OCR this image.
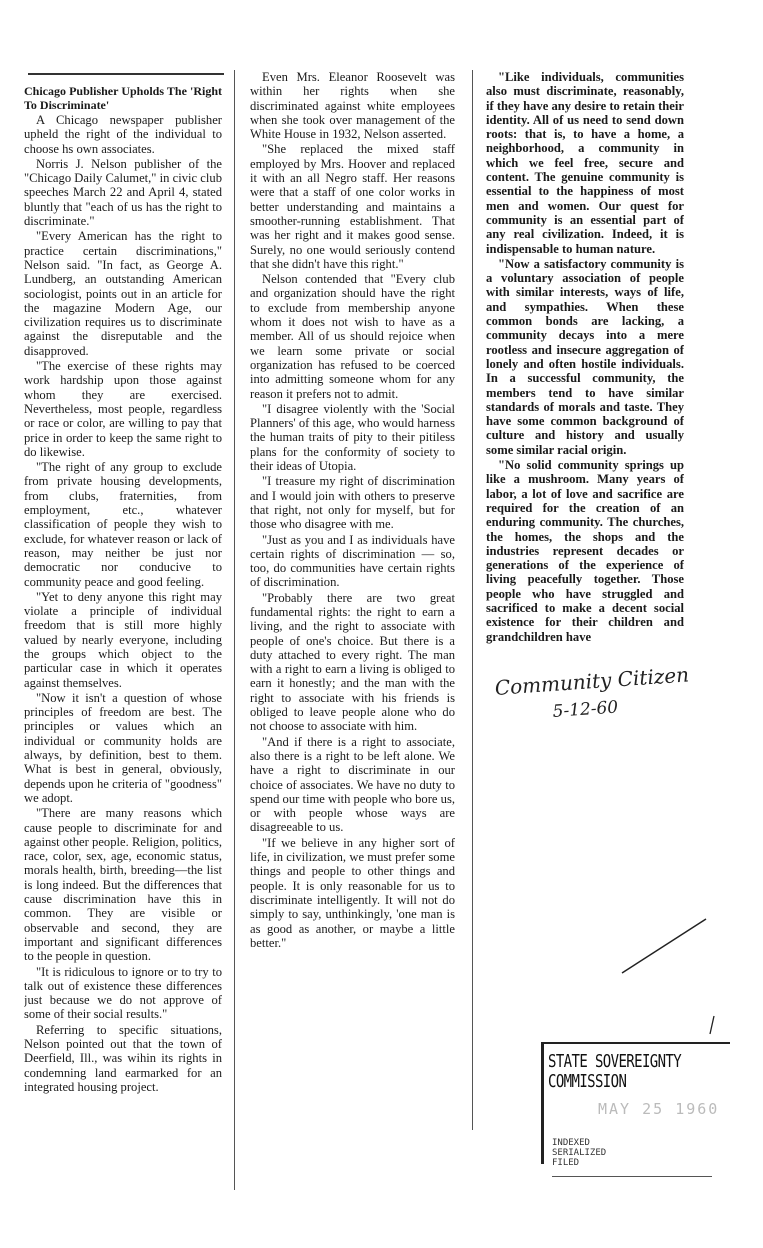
Chicago Publisher Upholds The 'Right To Discriminate'

A Chicago newspaper publisher upheld the right of the individual to choose hs own associates.

Norris J. Nelson publisher of the "Chicago Daily Calumet," in civic club speeches March 22 and April 4, stated bluntly that "each of us has the right to discriminate."

"Every American has the right to practice certain discriminations," Nelson said. "In fact, as George A. Lundberg, an outstanding American sociologist, points out in an article for the magazine Modern Age, our civilization requires us to discriminate against the disreputable and the disapproved.

"The exercise of these rights may work hardship upon those against whom they are exercised. Nevertheless, most people, regardless or race or color, are willing to pay that price in order to keep the same right to do likewise.

"The right of any group to exclude from private housing developments, from clubs, fraternities, from employment, etc., whatever classification of people they wish to exclude, for whatever reason or lack of reason, may neither be just nor democratic nor conducive to community peace and good feeling.

"Yet to deny anyone this right may violate a principle of individual freedom that is still more highly valued by nearly everyone, including the groups which object to the particular case in which it operates against themselves.

"Now it isn't a question of whose principles of freedom are best. The principles or values which an individual or community holds are always, by definition, best to them. What is best in general, obviously, depends upon he criteria of "goodness" we adopt.

"There are many reasons which cause people to discriminate for and against other people. Religion, politics, race, color, sex, age, economic status, morals health, birth, breeding—the list is long indeed. But the differences that cause discrimination have this in common. They are visible or observable and second, they are important and significant differences to the people in question.

"It is ridiculous to ignore or to try to talk out of existence these differences just because we do not approve of some of their social results."

Referring to specific situations, Nelson pointed out that the town of Deerfield, Ill., was wihin its rights in condemning land earmarked for an integrated housing project.

Even Mrs. Eleanor Roosevelt was within her rights when she discriminated against white employees when she took over management of the White House in 1932, Nelson asserted.

"She replaced the mixed staff employed by Mrs. Hoover and replaced it with an all Negro staff. Her reasons were that a staff of one color works in better understanding and maintains a smoother-running establishment. That was her right and it makes good sense. Surely, no one would seriously contend that she didn't have this right."

Nelson contended that "Every club and organization should have the right to exclude from membership anyone whom it does not wish to have as a member. All of us should rejoice when we learn some private or social organization has refused to be coerced into admitting someone whom for any reason it prefers not to admit.

"I disagree violently with the 'Social Planners' of this age, who would harness the human traits of pity to their pitiless plans for the conformity of society to their ideas of Utopia.

"I treasure my right of discrimination and I would join with others to preserve that right, not only for myself, but for those who disagree with me.

"Just as you and I as individuals have certain rights of discrimination — so, too, do communities have certain rights of discrimination.

"Probably there are two great fundamental rights: the right to earn a living, and the right to associate with people of one's choice. But there is a duty attached to every right. The man with a right to earn a living is obliged to earn it honestly; and the man with the right to associate with his friends is obliged to leave people alone who do not choose to associate with him.

"And if there is a right to associate, also there is a right to be left alone. We have a right to discriminate in our choice of associates. We have no duty to spend our time with people who bore us, or with people whose ways are disagreeable to us.

"If we believe in any higher sort of life, in civilization, we must prefer some things and people to other things and people. It is only reasonable for us to discriminate intelligently. It will not do simply to say, unthinkingly, 'one man is as good as another, or maybe a little better."

"Like individuals, communities also must discriminate, reasonably, if they have any desire to retain their identity. All of us need to send down roots: that is, to have a home, a neighborhood, a community in which we feel free, secure and content. The genuine community is essential to the happiness of most men and women. Our quest for community is an essential part of any real civilization. Indeed, it is indispensable to human nature.

"Now a satisfactory community is a voluntary association of people with similar interests, ways of life, and sympathies. When these common bonds are lacking, a community decays into a mere rootless and insecure aggregation of lonely and often hostile individuals. In a successful community, the members tend to have similar standards of morals and taste. They have some common background of culture and history and usually some similar racial origin.

"No solid community springs up like a mushroom. Many years of labor, a lot of love and sacrifice are required for the creation of an enduring community. The churches, the homes, the shops and the industries represent decades or generations of the experience of living peacefully together. Those people who have struggled and sacrificed to make a decent social existence for their children and grandchildren have

Community Citizen
5-12-60
STATE SOVEREIGNTY COMMISSION
MAY 25 1960
INDEXED
SERIALIZED
FILED
